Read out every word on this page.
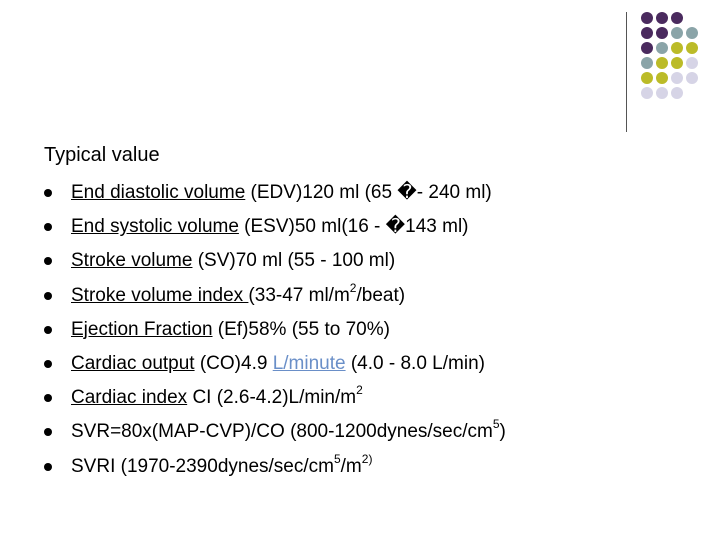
Typical value
End diastolic volume (EDV)120 ml (65 �- 240 ml)
End systolic volume (ESV)50 ml(16 - �143 ml)
Stroke volume (SV)70 ml (55 - 100 ml)
Stroke volume index (33-47 $ml/m^2/beat$)
Ejection Fraction (Ef)58% (55 to 70%)
Cardiac output (CO)4.9 L/minute (4.0 - 8.0 L/min)
Cardiac index CI $(2.6-4.2)L/\min/m^2$
SVR=80x(MAP-CVP)/CO $(800-1200dynes/\sec/cm^5)$
SVRI ($1970-2390dynes/\sec/cm^5/m^{2)}$
